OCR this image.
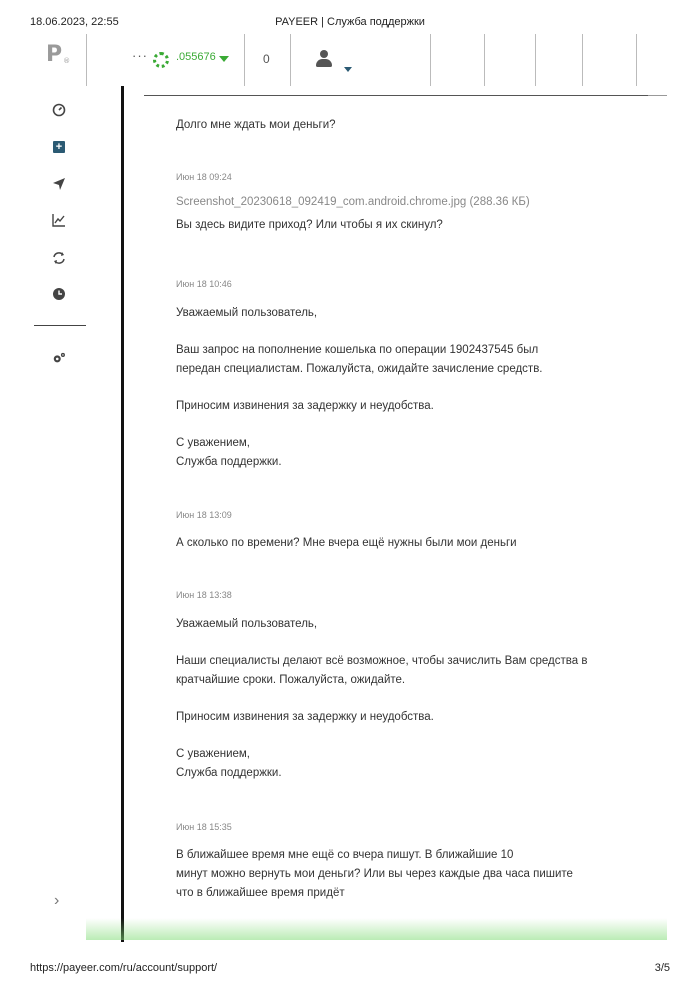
18.06.2023, 22:55	PAYEER | Служба поддержки
https://payeer.com/ru/account/support/	3/5
P®	···	.055676	0
+
›

Долго мне ждать мои деньги?

Июн 18 09:24
Screenshot_20230618_092419_com.android.chrome.jpg (288.36 КБ)

Вы здесь видите приход? Или чтобы я их скинул?

Июн 18 10:46

Уважаемый пользователь,

Ваш запрос на пополнение кошелька по операции 1902437545 был

передан специалистам. Пожалуйста, ожидайте зачисление средств.

Приносим извинения за задержку и неудобства.

С уважением,

Служба поддержки.

Июн 18 13:09

А сколько по времени? Мне вчера ещё нужны были мои деньги

Июн 18 13:38

Уважаемый пользователь,

Наши специалисты делают всё возможное, чтобы зачислить Вам средства в

кратчайшие сроки. Пожалуйста, ожидайте.

Приносим извинения за задержку и неудобства.

С уважением,

Служба поддержки.

Июн 18 15:35

В ближайшее время мне ещё со вчера пишут. В ближайшие 10

минут можно вернуть мои деньги? Или вы через каждые два часа пишите

что в ближайшее время придёт
